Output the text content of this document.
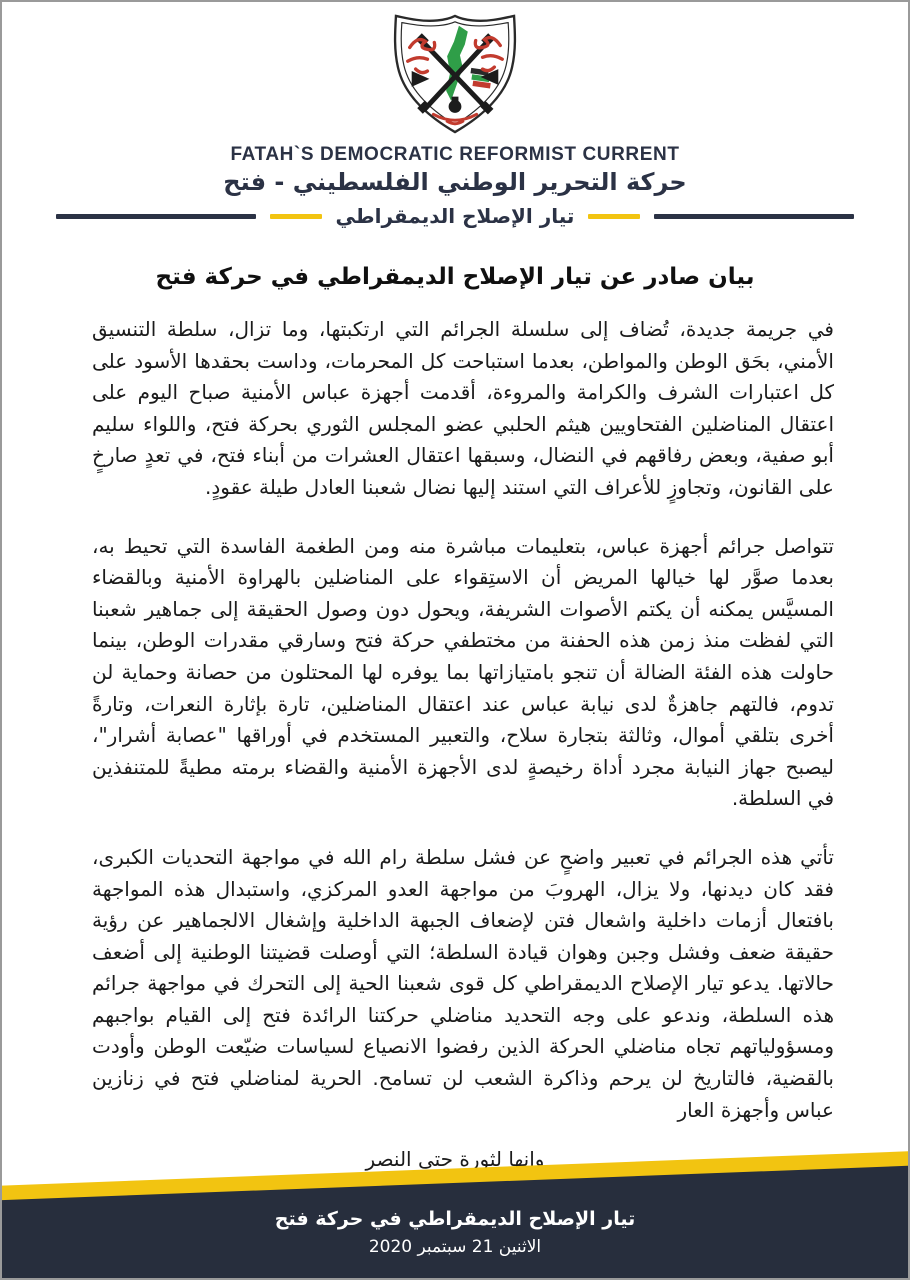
FATAH`S DEMOCRATIC REFORMIST CURRENT
حركة التحرير الوطني الفلسطيني - فتح
تيار الإصلاح الديمقراطي
بيان صادر عن تيار الإصلاح الديمقراطي في حركة فتح

في جريمة جديدة، تُضاف إلى سلسلة الجرائم التي ارتكبتها، وما تزال، سلطة التنسيق الأمني، بحَق الوطن والمواطن، بعدما استباحت كل المحرمات، وداست بحقدها الأسود على كل اعتبارات الشرف والكرامة والمروءة، أقدمت أجهزة عباس الأمنية صباح اليوم على اعتقال المناضلين الفتحاويين هيثم الحلبي عضو المجلس الثوري بحركة فتح، واللواء سليم أبو صفية، وبعض رفاقهم في النضال، وسبقها اعتقال العشرات من أبناء فتح، في تعدٍ صارخٍ على القانون، وتجاوزٍ للأعراف التي استند إليها نضال شعبنا العادل طيلة عقودٍ.

تتواصل جرائم أجهزة عباس، بتعليمات مباشرة منه ومن الطغمة الفاسدة التي تحيط به، بعدما صوَّر لها خيالها المريض أن الاستِقواء على المناضلين بالهراوة الأمنية وبالقضاء المسيَّس يمكنه أن يكتم الأصوات الشريفة، ويحول دون وصول الحقيقة إلى جماهير شعبنا التي لفظت منذ زمن هذه الحفنة من مختطفي حركة فتح وسارقي مقدرات الوطن، بينما حاولت هذه الفئة الضالة أن تنجو بامتيازاتها بما يوفره لها المحتلون من حصانة وحماية لن تدوم، فالتهم جاهزةٌ لدى نيابة عباس عند اعتقال المناضلين، تارة بإثارة النعرات، وتارةً أخرى بتلقي أموال، وثالثة بتجارة سلاح، والتعبير المستخدم في أوراقها "عصابة أشرار"، ليصبح جهاز النيابة مجرد أداة رخيصةٍ لدى الأجهزة الأمنية والقضاء برمته مطيةً للمتنفذين في السلطة.

تأتي هذه الجرائم في تعبير واضحٍ عن فشل سلطة رام الله في مواجهة التحديات الكبرى، فقد كان ديدنها، ولا يزال، الهروبَ من مواجهة العدو المركزي، واستبدال هذه المواجهة بافتعال أزمات داخلية واشعال فتن لإضعاف الجبهة الداخلية وإشغال الالجماهير عن رؤية حقيقة ضعف وفشل وجبن وهوان قيادة السلطة؛ التي أوصلت قضيتنا الوطنية إلى أضعف حالاتها. يدعو تيار الإصلاح الديمقراطي كل قوى شعبنا الحية إلى التحرك في مواجهة جرائم هذه السلطة، وندعو على وجه التحديد مناضلي حركتنا الرائدة فتح إلى القيام بواجبهم ومسؤولياتهم تجاه مناضلي الحركة الذين رفضوا الانصياع لسياسات ضيّعت الوطن وأودت بالقضية، فالتاريخ لن يرحم وذاكرة الشعب لن تسامح. الحرية لمناضلي فتح في زنازين عباس وأجهزة العار

وإنها لثورة حتى النصر
تيار الإصلاح الديمقراطي في حركة فتح
الاثنين 21 سبتمبر 2020
